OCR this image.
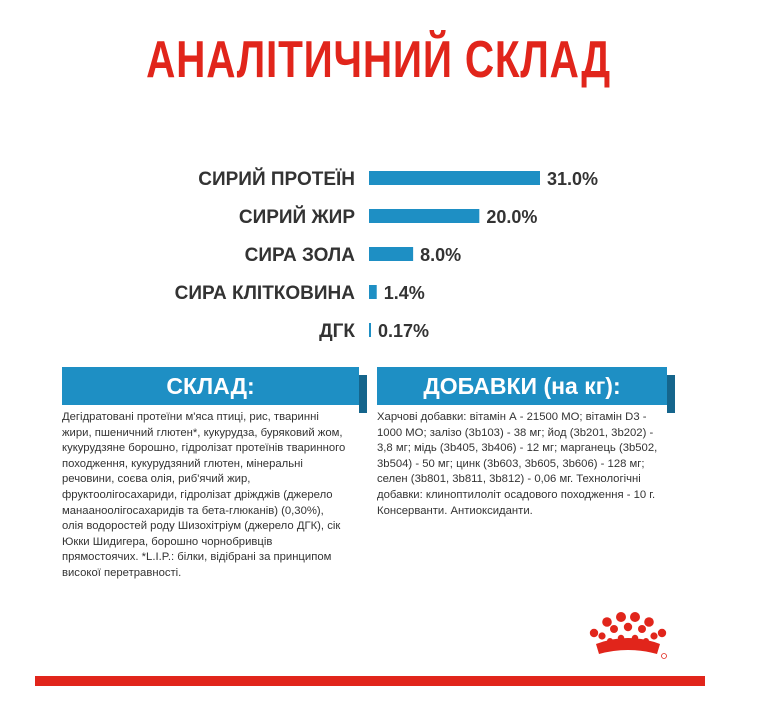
АНАЛІТИЧНИЙ СКЛАД
СИРИЙ ПРОТЕЇН	31.0%
СИРИЙ ЖИР	20.0%
СИРА ЗОЛА	8.0%
СИРА КЛІТКОВИНА 1.4%
ДГК 0.17%
СКЛАД:
Дегідратовані протеїни м'яса птиці, рис, тваринні жири, пшеничний глютен*, кукурудза, буряковий жом, кукурудзяне борошно, гідролізат протеїнів тваринного походження, кукурудзяний глютен, мінеральні речовини, соєва олія, риб'ячий жир, фруктоолігосахариди, гідролізат дріжджів (джерело манааноолігосахаридів та бета-глюканів) (0,30%), олія водоростей роду Шизохітріум (джерело ДГК), сік Юкки Шидигера, борошно чорнобривців прямостоячих. *L.I.P.: білки, відібрані за принципом високої перетравності.
ДОБАВКИ (на кг):
Харчові добавки: вітамін А - 21500 МО; вітамін D3 - 1000 МО; залізо (3b103) - 38 мг; йод (3b201, 3b202) - 3,8 мг; мідь (3b405, 3b406) - 12 мг; марганець (3b502, 3b504) - 50 мг; цинк (3b603, 3b605, 3b606) - 128 мг; селен (3b801, 3b811, 3b812) - 0,06 мг. Технологічні добавки: клиноптилоліт осадового походження - 10 г. Консерванти. Антиоксиданти.
